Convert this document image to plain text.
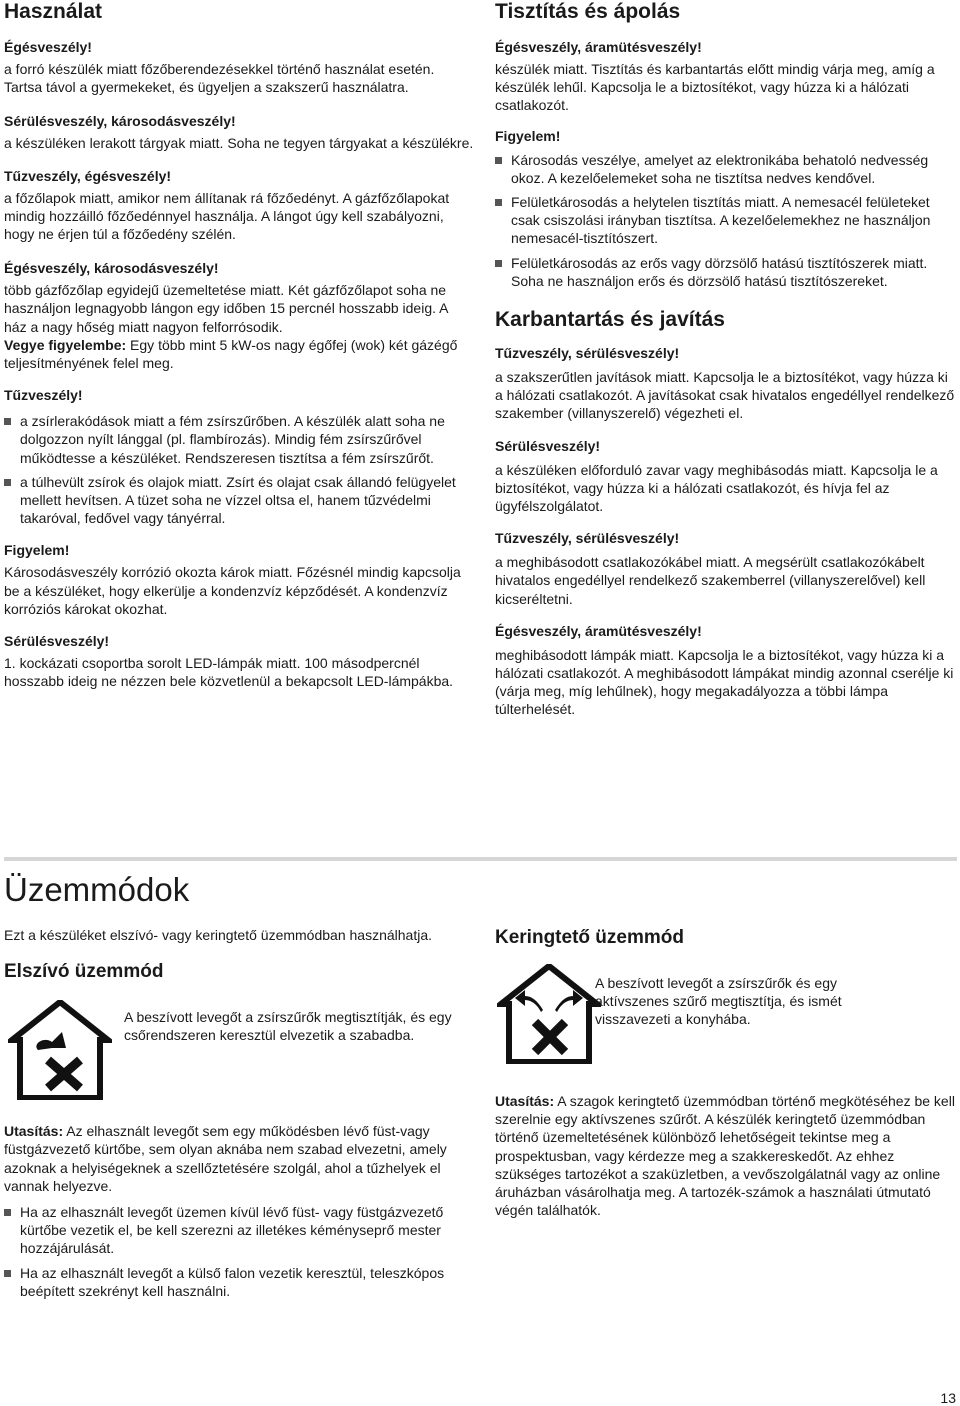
Használat

Égésveszély!

a forró készülék miatt főzőberendezésekkel történő használat esetén. Tartsa távol a gyermekeket, és ügyeljen a szakszerű használatra.

Sérülésveszély, károsodásveszély!

a készüléken lerakott tárgyak miatt. Soha ne tegyen tárgyakat a készülékre.

Tűzveszély, égésveszély!

a főzőlapok miatt, amikor nem állítanak rá főzőedényt. A gázfőzőlapokat mindig hozzáilló főzőedénnyel használja. A lángot úgy kell szabályozni, hogy ne érjen túl a főzőedény szélén.

Égésveszély, károsodásveszély!

több gázfőzőlap egyidejű üzemeltetése miatt. Két gázfőzőlapot soha ne használjon legnagyobb lángon egy időben 15 percnél hosszabb ideig. A ház a nagy hőség miatt nagyon felforrósodik.

Vegye figyelembe: Egy több mint 5 kW-os nagy égőfej (wok) két gázégő teljesítményének felel meg.

Tűzveszély!

a zsírlerakódások miatt a fém zsírszűrőben. A készülék alatt soha ne dolgozzon nyílt lánggal (pl. flambírozás). Mindig fém zsírszűrővel működtesse a készüléket. Rendszeresen tisztítsa a fém zsírszűrőt.

a túlhevült zsírok és olajok miatt. Zsírt és olajat csak állandó felügyelet mellett hevítsen. A tüzet soha ne vízzel oltsa el, hanem tűzvédelmi takaróval, fedővel vagy tányérral.

Figyelem!

Károsodásveszély korrózió okozta károk miatt. Főzésnél mindig kapcsolja be a készüléket, hogy elkerülje a kondenzvíz képződését. A kondenzvíz korróziós károkat okozhat.

Sérülésveszély!

1. kockázati csoportba sorolt LED-lámpák miatt. 100 másodpercnél hosszabb ideig ne nézzen bele közvetlenül a bekapcsolt LED-lámpákba.

Tisztítás és ápolás

Égésveszély, áramütésveszély!

készülék miatt. Tisztítás és karbantartás előtt mindig várja meg, amíg a készülék lehűl. Kapcsolja le a biztosítékot, vagy húzza ki a hálózati csatlakozót.

Figyelem!

Károsodás veszélye, amelyet az elektronikába behatoló nedvesség okoz. A kezelőelemeket soha ne tisztítsa nedves kendővel.

Felületkárosodás a helytelen tisztítás miatt. A nemesacél felületeket csak csiszolási irányban tisztítsa. A kezelőelemekhez ne használjon nemesacél-tisztítószert.

Felületkárosodás az erős vagy dörzsölő hatású tisztítószerek miatt. Soha ne használjon erős és dörzsölő hatású tisztítószereket.

Karbantartás és javítás

Tűzveszély, sérülésveszély!

a szakszerűtlen javítások miatt. Kapcsolja le a biztosítékot, vagy húzza ki a hálózati csatlakozót. A javításokat csak hivatalos engedéllyel rendelkező szakember (villanyszerelő) végezheti el.

Sérülésveszély!

a készüléken előforduló zavar vagy meghibásodás miatt. Kapcsolja le a biztosítékot, vagy húzza ki a hálózati csatlakozót, és hívja fel az ügyfélszolgálatot.

Tűzveszély, sérülésveszély!

a meghibásodott csatlakozókábel miatt. A megsérült csatlakozókábelt hivatalos engedéllyel rendelkező szakemberrel (villanyszerelővel) kell kicseréltetni.

Égésveszély, áramütésveszély!

meghibásodott lámpák miatt. Kapcsolja le a biztosítékot, vagy húzza ki a hálózati csatlakozót. A meghibásodott lámpákat mindig azonnal cserélje ki (várja meg, míg lehűlnek), hogy megakadályozza a többi lámpa túlterhelését.

Üzemmódok

Ezt a készüléket elszívó- vagy keringtető üzemmódban használhatja.

Elszívó üzemmód

A beszívott levegőt a zsírszűrők megtisztítják, és egy csőrendszeren keresztül elvezetik a szabadba.

Utasítás: Az elhasznált levegőt sem egy működésben lévő füst-vagy füstgázvezető kürtőbe, sem olyan aknába nem szabad elvezetni, amely azoknak a helyiségeknek a szellőztetésére szolgál, ahol a tűzhelyek el vannak helyezve.

Ha az elhasznált levegőt üzemen kívül lévő füst- vagy füstgázvezető kürtőbe vezetik el, be kell szerezni az illetékes kéményseprő mester hozzájárulását.

Ha az elhasznált levegőt a külső falon vezetik keresztül, teleszkópos beépített szekrényt kell használni.

Keringtető üzemmód

A beszívott levegőt a zsírszűrők és egy aktívszenes szűrő megtisztítja, és ismét visszavezeti a konyhába.

Utasítás: A szagok keringtető üzemmódban történő megkötéséhez be kell szerelnie egy aktívszenes szűrőt. A készülék keringtető üzemmódban történő üzemeltetésének különböző lehetőségeit tekintse meg a prospektusban, vagy kérdezze meg a szakkereskedőt. Az ehhez szükséges tartozékot a szaküzletben, a vevőszolgálatnál vagy az online áruházban vásárolhatja meg. A tartozék-számok a használati útmutató végén találhatók.

13
